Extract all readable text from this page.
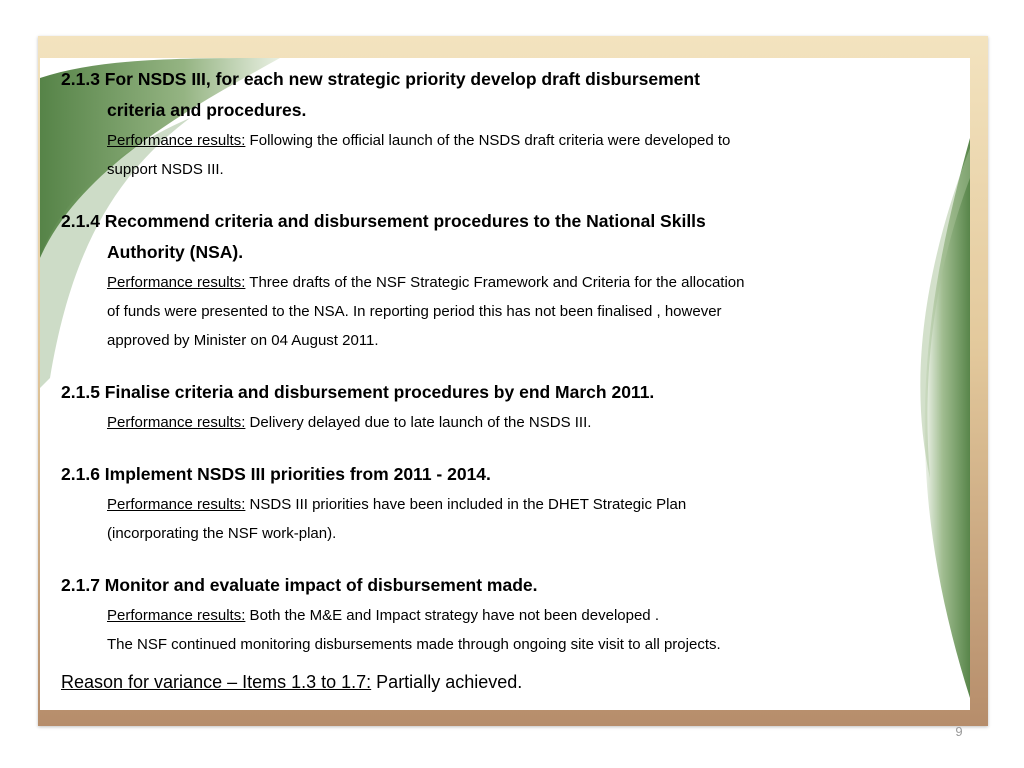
2.1.3 For NSDS III, for each new strategic priority develop draft disbursement

criteria and procedures.

Performance results: Following the official launch of the NSDS draft criteria were developed to
support NSDS III.

2.1.4 Recommend criteria and disbursement procedures to the National Skills

Authority (NSA).

Performance results: Three drafts of the NSF Strategic Framework and Criteria for the allocation
of funds were presented to the NSA. In reporting period this has not been finalised , however
approved by Minister on 04 August 2011.

2.1.5 Finalise criteria and disbursement procedures by end March 2011.

Performance results: Delivery delayed due to late launch of the NSDS III.

2.1.6 Implement NSDS III priorities from 2011 - 2014.

Performance results: NSDS III priorities have been included in the DHET Strategic Plan
(incorporating the NSF work-plan).

2.1.7 Monitor and evaluate impact of disbursement made.

Performance results: Both the M&E and Impact strategy have not been developed .
The NSF continued monitoring disbursements made through ongoing site visit to all projects.
Reason for variance – Items 1.3 to 1.7: Partially achieved.
9
